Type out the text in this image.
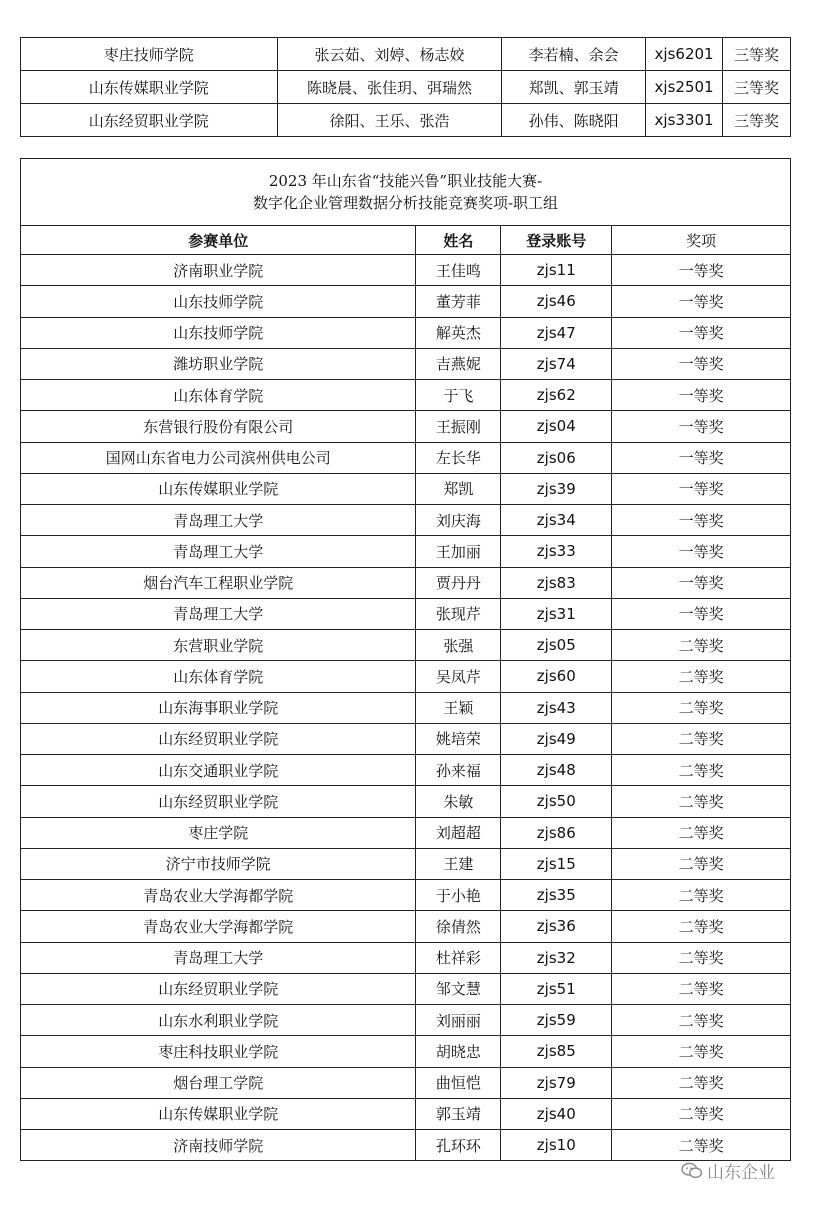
枣庄技师学院	张云茹、刘婷、杨志姣	李若楠、余会	xjs6201	三等奖
山东传媒职业学院	陈晓晨、张佳玥、弭瑞然	郑凯、郭玉靖	xjs2501	三等奖
山东经贸职业学院	徐阳、王乐、张浩	孙伟、陈晓阳	xjs3301	三等奖
2023 年山东省“技能兴鲁”职业技能大赛-
数字化企业管理数据分析技能竞赛奖项-职工组			

参赛单位	姓名	登录账号	奖项
济南职业学院	王佳鸣	zjs11	一等奖
山东技师学院	董芳菲	zjs46	一等奖
山东技师学院	解英杰	zjs47	一等奖
潍坊职业学院	吉燕妮	zjs74	一等奖
山东体育学院	于飞	zjs62	一等奖
东营银行股份有限公司	王振刚	zjs04	一等奖
国网山东省电力公司滨州供电公司	左长华	zjs06	一等奖
山东传媒职业学院	郑凯	zjs39	一等奖
青岛理工大学	刘庆海	zjs34	一等奖
青岛理工大学	王加丽	zjs33	一等奖
烟台汽车工程职业学院	贾丹丹	zjs83	一等奖
青岛理工大学	张现芹	zjs31	一等奖
东营职业学院	张强	zjs05	二等奖
山东体育学院	吴凤芹	zjs60	二等奖
山东海事职业学院	王颖	zjs43	二等奖
山东经贸职业学院	姚培荣	zjs49	二等奖
山东交通职业学院	孙来福	zjs48	二等奖
山东经贸职业学院	朱敏	zjs50	二等奖
枣庄学院	刘超超	zjs86	二等奖
济宁市技师学院	王建	zjs15	二等奖
青岛农业大学海都学院	于小艳	zjs35	二等奖
青岛农业大学海都学院	徐倩然	zjs36	二等奖
青岛理工大学	杜祥彩	zjs32	二等奖
山东经贸职业学院	邹文慧	zjs51	二等奖
山东水利职业学院	刘丽丽	zjs59	二等奖
枣庄科技职业学院	胡晓忠	zjs85	二等奖
烟台理工学院	曲恒恺	zjs79	二等奖
山东传媒职业学院	郭玉靖	zjs40	二等奖
济南技师学院	孔环环	zjs10	二等奖
山东企业
